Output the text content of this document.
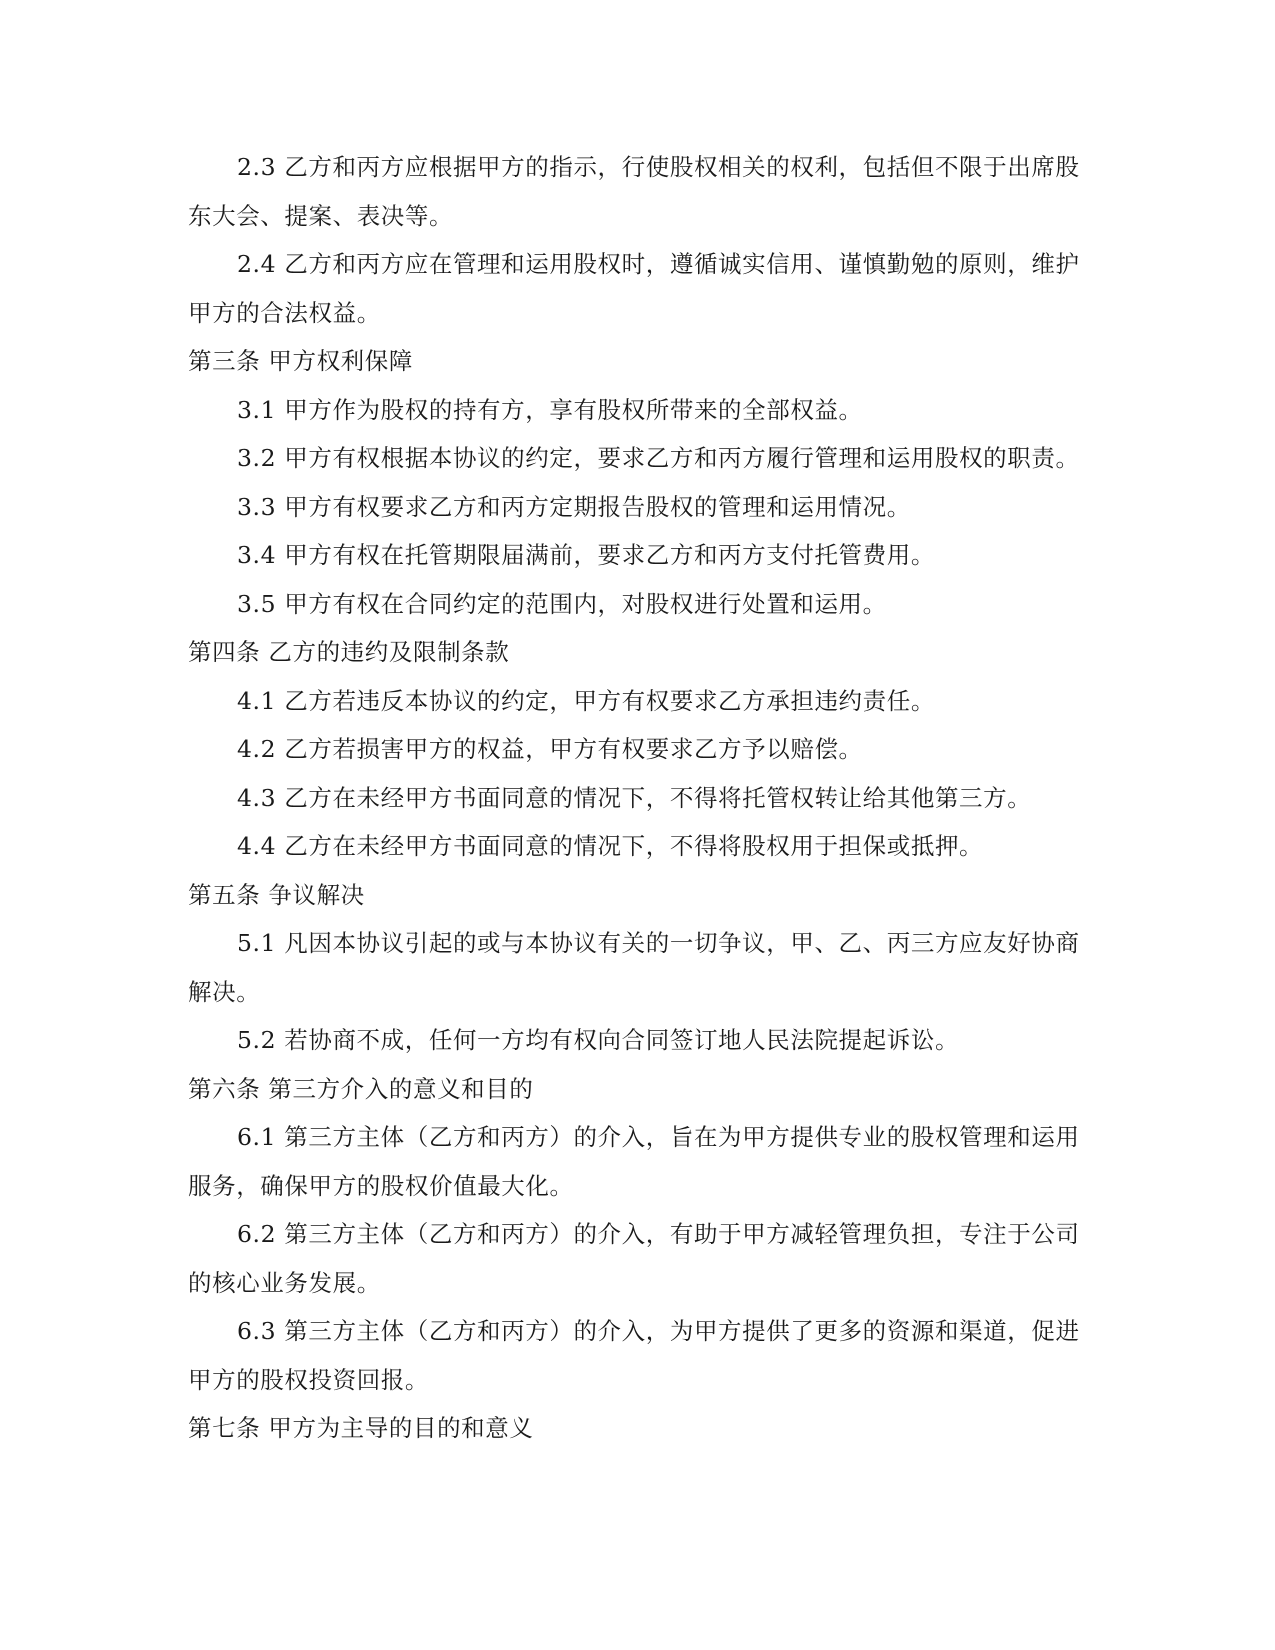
2.3 乙方和丙方应根据甲方的指示，行使股权相关的权利，包括但不限于出席股东大会、提案、表决等。

2.4 乙方和丙方应在管理和运用股权时，遵循诚实信用、谨慎勤勉的原则，维护甲方的合法权益。

第三条 甲方权利保障

3.1 甲方作为股权的持有方，享有股权所带来的全部权益。

3.2 甲方有权根据本协议的约定，要求乙方和丙方履行管理和运用股权的职责。

3.3 甲方有权要求乙方和丙方定期报告股权的管理和运用情况。

3.4 甲方有权在托管期限届满前，要求乙方和丙方支付托管费用。

3.5 甲方有权在合同约定的范围内，对股权进行处置和运用。

第四条 乙方的违约及限制条款

4.1 乙方若违反本协议的约定，甲方有权要求乙方承担违约责任。

4.2 乙方若损害甲方的权益，甲方有权要求乙方予以赔偿。

4.3 乙方在未经甲方书面同意的情况下，不得将托管权转让给其他第三方。

4.4 乙方在未经甲方书面同意的情况下，不得将股权用于担保或抵押。

第五条 争议解决

5.1 凡因本协议引起的或与本协议有关的一切争议，甲、乙、丙三方应友好协商解决。

5.2 若协商不成，任何一方均有权向合同签订地人民法院提起诉讼。

第六条 第三方介入的意义和目的

6.1 第三方主体（乙方和丙方）的介入，旨在为甲方提供专业的股权管理和运用服务，确保甲方的股权价值最大化。

6.2 第三方主体（乙方和丙方）的介入，有助于甲方减轻管理负担，专注于公司的核心业务发展。

6.3 第三方主体（乙方和丙方）的介入，为甲方提供了更多的资源和渠道，促进甲方的股权投资回报。

第七条 甲方为主导的目的和意义
